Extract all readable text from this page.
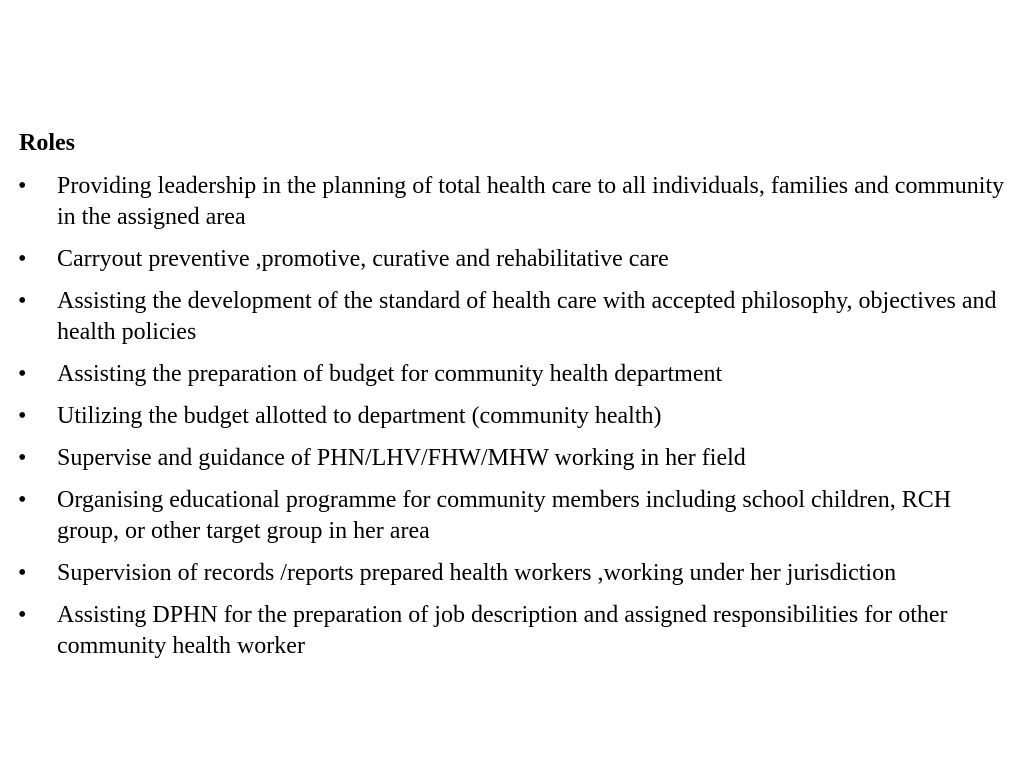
Roles
•	Providing leadership in the planning of total health care to all individuals, families and community in the assigned area
•	Carryout preventive ,promotive, curative and rehabilitative care
•	Assisting the development of the standard of health care with accepted philosophy, objectives and health policies
•	Assisting the preparation of budget for community health department
•	Utilizing the budget allotted to department (community health)
•	Supervise and guidance of PHN/LHV/FHW/MHW working in her field
•	Organising educational programme for community members including school children, RCH group, or other target group in her area
•	Supervision of records /reports prepared health workers ,working under her jurisdiction
•	Assisting DPHN for the preparation of job description and assigned responsibilities for other community health worker
